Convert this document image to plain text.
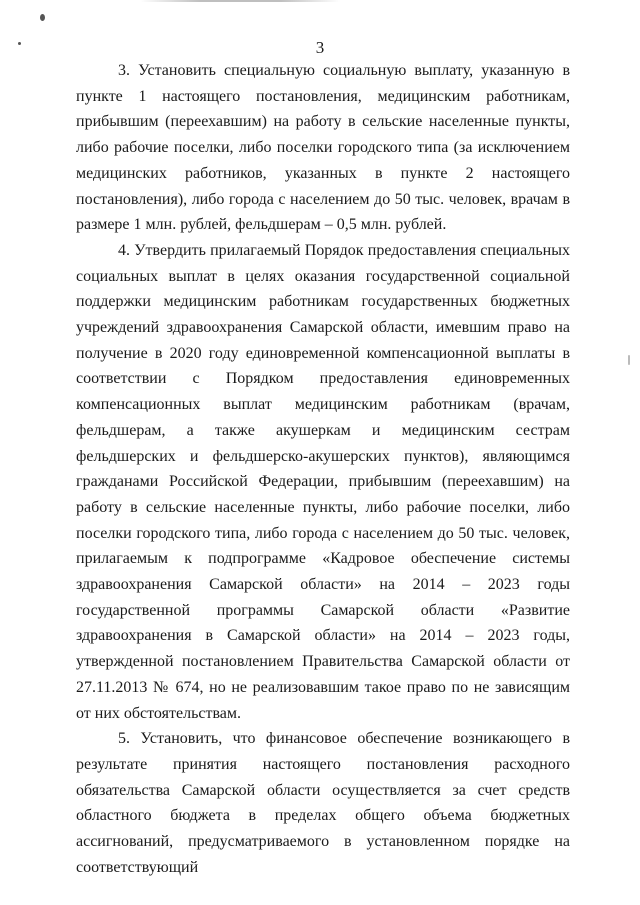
3

3. Установить специальную социальную выплату, указанную в пункте 1 настоящего постановления, медицинским работникам, прибывшим (переехавшим) на работу в сельские населенные пункты, либо рабочие поселки, либо поселки городского типа (за исключением медицинских работников, указанных в пункте 2 настоящего постановления), либо города с населением до 50 тыс. человек, врачам в размере 1 млн. рублей, фельдшерам – 0,5 млн. рублей.

4. Утвердить прилагаемый Порядок предоставления специальных социальных выплат в целях оказания государственной социальной поддержки медицинским работникам государственных бюджетных учреждений здравоохранения Самарской области, имевшим право на получение в 2020 году единовременной компенсационной выплаты в соответствии с Порядком предоставления единовременных компенсационных выплат медицинским работникам (врачам, фельдшерам, а также акушеркам и медицинским сестрам фельдшерских и фельдшерско-акушерских пунктов), являющимся гражданами Российской Федерации, прибывшим (переехавшим) на работу в сельские населенные пункты, либо рабочие поселки, либо поселки городского типа, либо города с населением до 50 тыс. человек, прилагаемым к подпрограмме «Кадровое обеспечение системы здравоохранения Самарской области» на 2014 – 2023 годы государственной программы Самарской области «Развитие здравоохранения в Самарской области» на 2014 – 2023 годы, утвержденной постановлением Правительства Самарской области от 27.11.2013 № 674, но не реализовавшим такое право по не зависящим от них обстоятельствам.

5. Установить, что финансовое обеспечение возникающего в результате принятия настоящего постановления расходного обязательства Самарской области осуществляется за счет средств областного бюджета в пределах общего объема бюджетных ассигнований, предусматриваемого в установленном порядке на соответствующий
